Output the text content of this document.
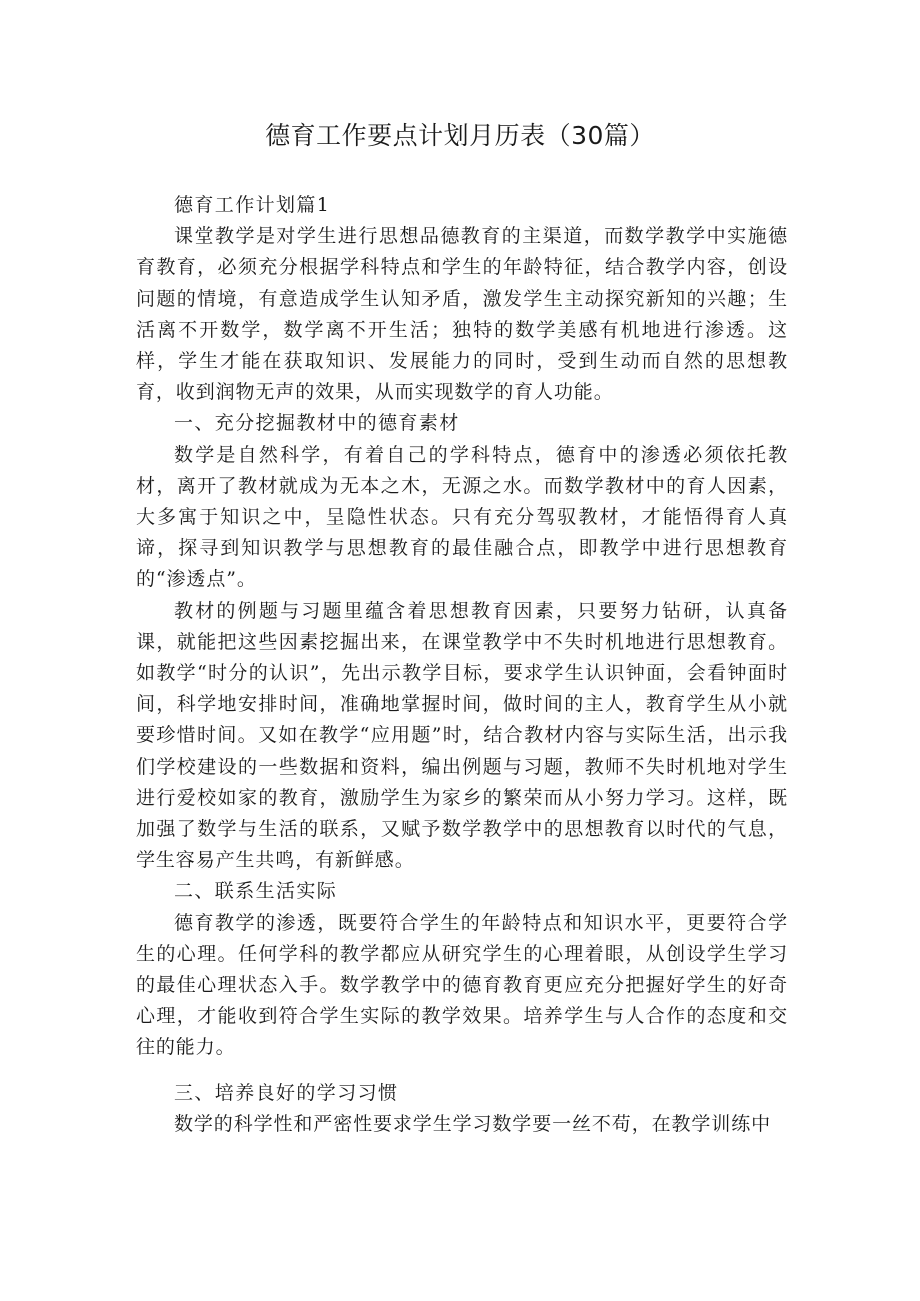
德育工作要点计划月历表（30篇）

德育工作计划篇1

课堂教学是对学生进行思想品德教育的主渠道，而数学教学中实施德育教育，必须充分根据学科特点和学生的年龄特征，结合教学内容，创设问题的情境，有意造成学生认知矛盾，激发学生主动探究新知的兴趣；生活离不开数学，数学离不开生活；独特的数学美感有机地进行渗透。这样，学生才能在获取知识、发展能力的同时，受到生动而自然的思想教育，收到润物无声的效果，从而实现数学的育人功能。

一、充分挖掘教材中的德育素材

数学是自然科学，有着自己的学科特点，德育中的渗透必须依托教材，离开了教材就成为无本之木，无源之水。而数学教材中的育人因素，大多寓于知识之中，呈隐性状态。只有充分驾驭教材，才能悟得育人真谛，探寻到知识教学与思想教育的最佳融合点，即教学中进行思想教育的“渗透点”。

教材的例题与习题里蕴含着思想教育因素，只要努力钻研，认真备课，就能把这些因素挖掘出来，在课堂教学中不失时机地进行思想教育。如教学“时分的认识”，先出示教学目标，要求学生认识钟面，会看钟面时间，科学地安排时间，准确地掌握时间，做时间的主人，教育学生从小就要珍惜时间。又如在教学“应用题”时，结合教材内容与实际生活，出示我们学校建设的一些数据和资料，编出例题与习题，教师不失时机地对学生进行爱校如家的教育，激励学生为家乡的繁荣而从小努力学习。这样，既加强了数学与生活的联系，又赋予数学教学中的思想教育以时代的气息，学生容易产生共鸣，有新鲜感。

二、联系生活实际

德育教学的渗透，既要符合学生的年龄特点和知识水平，更要符合学生的心理。任何学科的教学都应从研究学生的心理着眼，从创设学生学习的最佳心理状态入手。数学教学中的德育教育更应充分把握好学生的好奇心理，才能收到符合学生实际的教学效果。培养学生与人合作的态度和交往的能力。

三、培养良好的学习习惯

数学的科学性和严密性要求学生学习数学要一丝不苟，在教学训练中
